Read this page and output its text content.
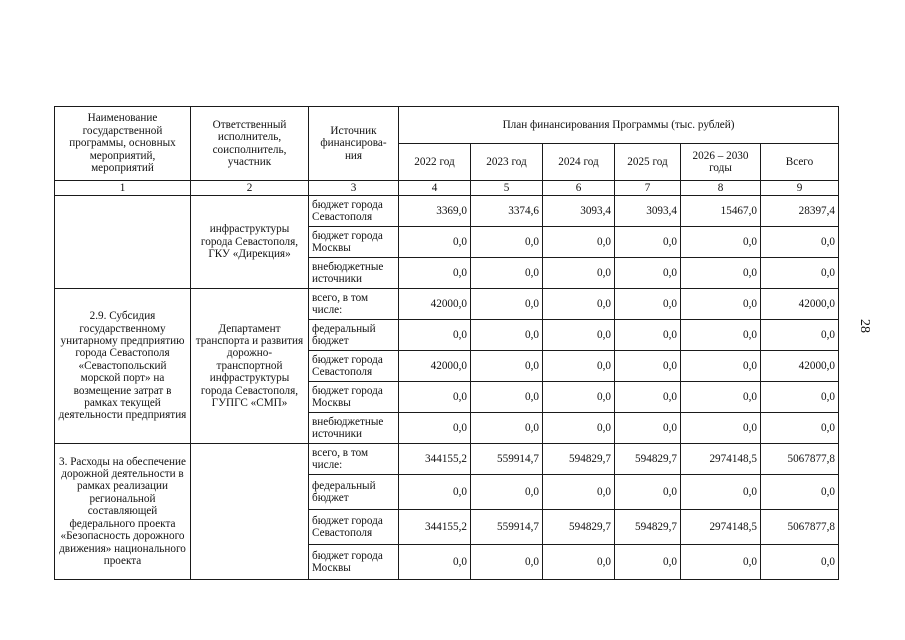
Наименование государственной программы, основных мероприятий, мероприятий	Ответственный исполнитель, соисполнитель, участник	Источник финансирова- ния	План финансирования Программы (тыс. рублей)					
			2022 год	2023 год	2024 год	2025 год	2026 – 2030 годы	Всего
1	2	3	4	5	6	7	8	9
	инфраструктуры города Севастополя, ГКУ «Дирекция»	бюджет города Севастополя	3369,0	3374,6	3093,4	3093,4	15467,0	28397,4
		бюджет города Москвы	0,0	0,0	0,0	0,0	0,0	0,0
		внебюджетные источники	0,0	0,0	0,0	0,0	0,0	0,0
2.9. Субсидия государственному унитарному предприятию города Севастополя «Севастопольский морской порт» на возмещение затрат в рамках текущей деятельности предприятия	Департамент транспорта и развития дорожно-транспортной инфраструктуры города Севастополя, ГУПГС «СМП»	всего, в том числе:	42000,0	0,0	0,0	0,0	0,0	42000,0
		федеральный бюджет	0,0	0,0	0,0	0,0	0,0	0,0
		бюджет города Севастополя	42000,0	0,0	0,0	0,0	0,0	42000,0
		бюджет города Москвы	0,0	0,0	0,0	0,0	0,0	0,0
		внебюджетные источники	0,0	0,0	0,0	0,0	0,0	0,0
3. Расходы на обеспечение дорожной деятельности в рамках реализации региональной составляющей федерального проекта «Безопасность дорожного движения» национального проекта		всего, в том числе:	344155,2	559914,7	594829,7	594829,7	2974148,5	5067877,8
		федеральный бюджет	0,0	0,0	0,0	0,0	0,0	0,0
		бюджет города Севастополя	344155,2	559914,7	594829,7	594829,7	2974148,5	5067877,8
		бюджет города Москвы	0,0	0,0	0,0	0,0	0,0	0,0
28
